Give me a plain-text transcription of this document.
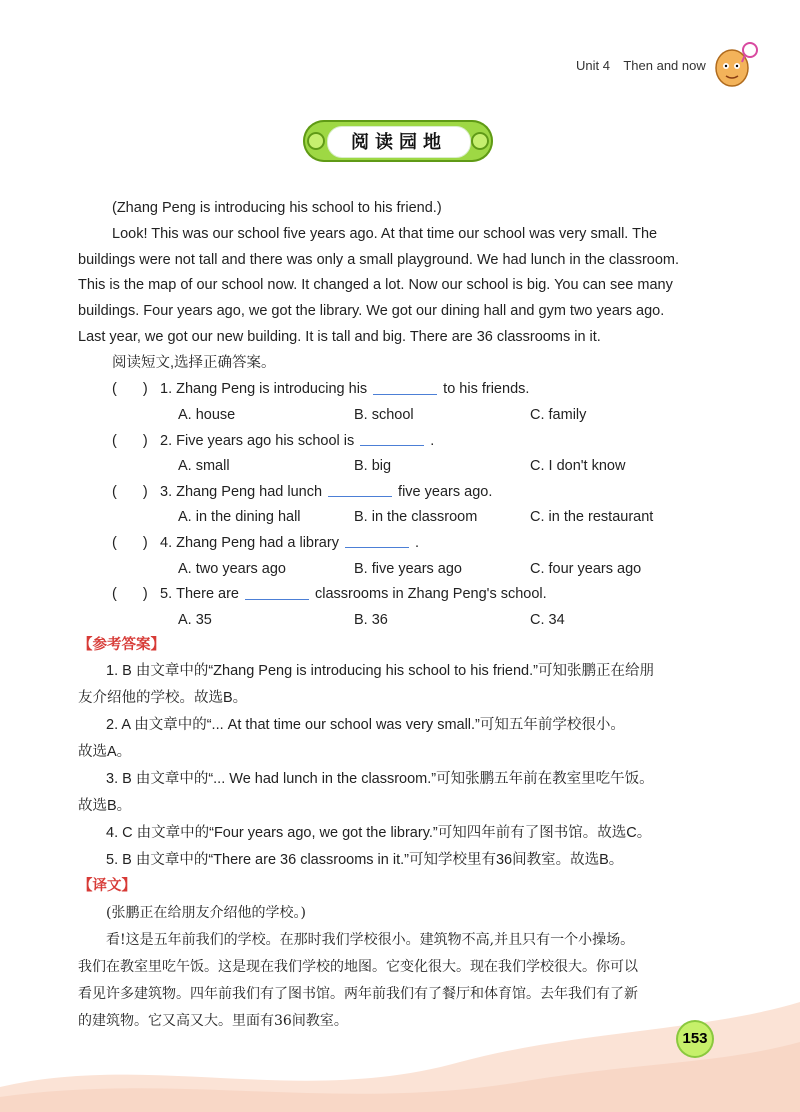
Unit 4 Then and now
阅读园地

(Zhang Peng is introducing his school to his friend.)

Look! This was our school five years ago. At that time our school was very small. The

buildings were not tall and there was only a small playground. We had lunch in the classroom.

This is the map of our school now. It changed a lot. Now our school is big. You can see many

buildings. Four years ago, we got the library. We got our dining hall and gym two years ago.

Last year, we got our new building. It is tall and big. There are 36 classrooms in it.

阅读短文,选择正确答案。

( ) 1.
Zhang Peng is introducing his	to his friends.
A. house	B. school	C. family
( ) 2.
Five years ago his school is	.
A. small	B. big	C. I don't know
( ) 3.
Zhang Peng had lunch	five years ago.
A. in the dining hall	B. in the classroom	C. in the restaurant
( ) 4.
Zhang Peng had a library	.
A. two years ago	B. five years ago	C. four years ago
( ) 5.
There are	classrooms in Zhang Peng's school.
A. 35	B. 36	C. 34

【参考答案】

1. B 由文章中的“Zhang Peng is introducing his school to his friend.”可知张鹏正在给朋

友介绍他的学校。故选B。

2. A 由文章中的“... At that time our school was very small.”可知五年前学校很小。

故选A。

3. B 由文章中的“... We had lunch in the classroom.”可知张鹏五年前在教室里吃午饭。

故选B。

4. C 由文章中的“Four years ago, we got the library.”可知四年前有了图书馆。故选C。

5. B 由文章中的“There are 36 classrooms in it.”可知学校里有36间教室。故选B。

【译文】

(张鹏正在给朋友介绍他的学校。)

看!这是五年前我们的学校。在那时我们学校很小。建筑物不高,并且只有一个小操场。

我们在教室里吃午饭。这是现在我们学校的地图。它变化很大。现在我们学校很大。你可以

看见许多建筑物。四年前我们有了图书馆。两年前我们有了餐厅和体育馆。去年我们有了新

的建筑物。它又高又大。里面有36间教室。

153
